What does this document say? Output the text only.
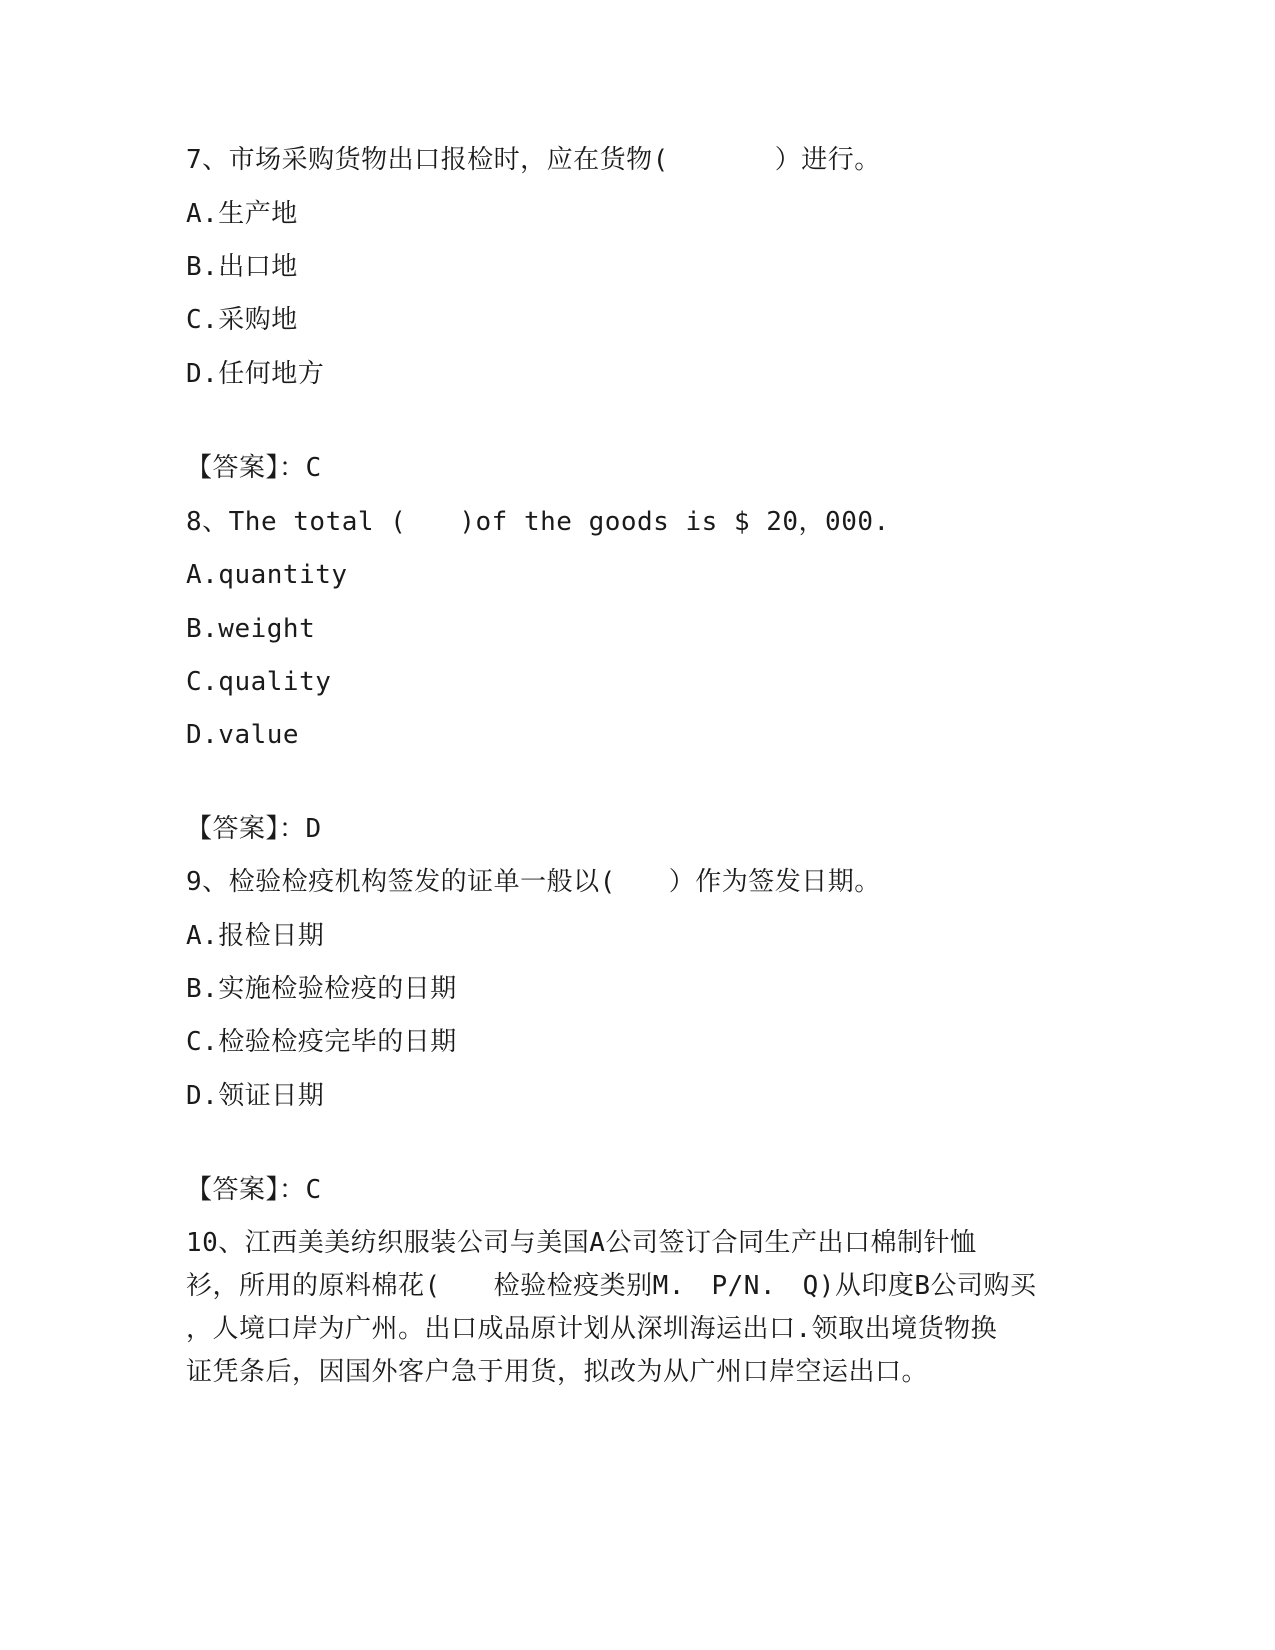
7、市场采购货物出口报检时，应在货物(　　　　）进行。
A.生产地
B.出口地
C.采购地
D.任何地方
【答案】：C
8、The total (　　)of the goods is $ 20，000.
A.quantity
B.weight
C.quality
D.value
【答案】：D
9、检验检疫机构签发的证单一般以(　　）作为签发日期。
A.报检日期
B.实施检验检疫的日期
C.检验检疫完毕的日期
D.领证日期
【答案】：C
10、江西美美纺织服装公司与美国A公司签订合同生产出口棉制针恤
衫，所用的原料棉花(　　检验检疫类别M.　P/N.　Q)从印度B公司购买
，人境口岸为广州。出口成品原计划从深圳海运出口.领取出境货物换
证凭条后，因国外客户急于用货，拟改为从广州口岸空运出口。
